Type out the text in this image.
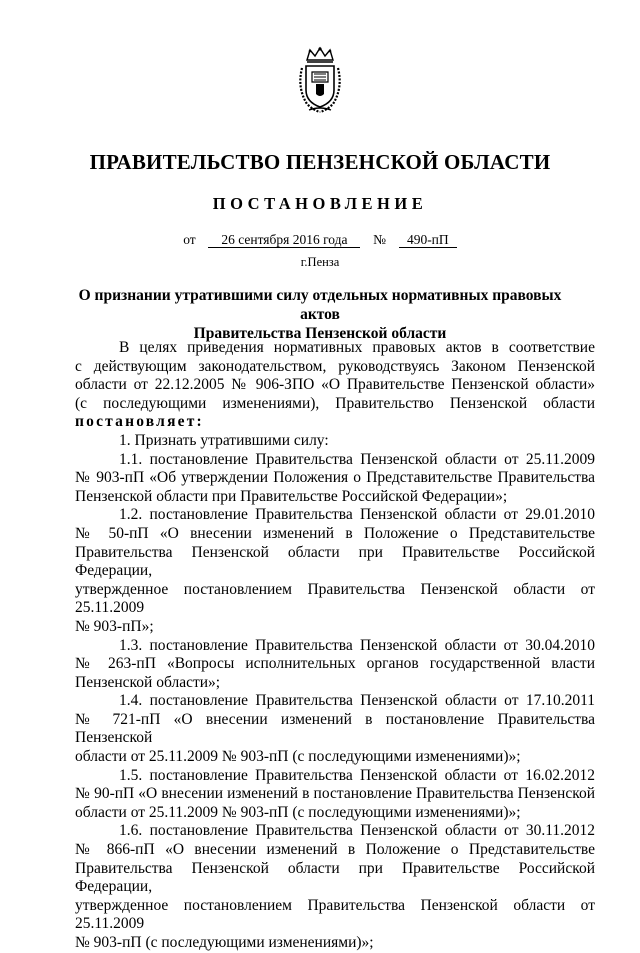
ПРАВИТЕЛЬСТВО ПЕНЗЕНСКОЙ ОБЛАСТИ
ПОСТАНОВЛЕНИЕ
от 26 сентября 2016 года № 490-пП
г.Пенза
О признании утратившими силу отдельных нормативных правовых актов
Правительства Пензенской области

В целях приведения нормативных правовых актов в соответствие

с действующим законодательством, руководствуясь Законом Пензенской

области от 22.12.2005 № 906-ЗПО «О Правительстве Пензенской области»

(с последующими изменениями), Правительство Пензенской области

постановляет:

1. Признать утратившими силу:

1.1. постановление Правительства Пензенской области от 25.11.2009

№ 903-пП «Об утверждении Положения о Представительстве Правительства

Пензенской области при Правительстве Российской Федерации»;

1.2. постановление Правительства Пензенской области от 29.01.2010

№ 50-пП «О внесении изменений в Положение о Представительстве

Правительства Пензенской области при Правительстве Российской Федерации,

утвержденное постановлением Правительства Пензенской области от 25.11.2009

№ 903-пП»;

1.3. постановление Правительства Пензенской области от 30.04.2010

№ 263-пП «Вопросы исполнительных органов государственной власти

Пензенской области»;

1.4. постановление Правительства Пензенской области от 17.10.2011

№ 721-пП «О внесении изменений в постановление Правительства Пензенской

области от 25.11.2009 № 903-пП (с последующими изменениями)»;

1.5. постановление Правительства Пензенской области от 16.02.2012

№ 90-пП «О внесении изменений в постановление Правительства Пензенской

области от 25.11.2009 № 903-пП (с последующими изменениями)»;

1.6. постановление Правительства Пензенской области от 30.11.2012

№ 866-пП «О внесении изменений в Положение о Представительстве

Правительства Пензенской области при Правительстве Российской Федерации,

утвержденное постановлением Правительства Пензенской области от 25.11.2009

№ 903-пП (с последующими изменениями)»;
